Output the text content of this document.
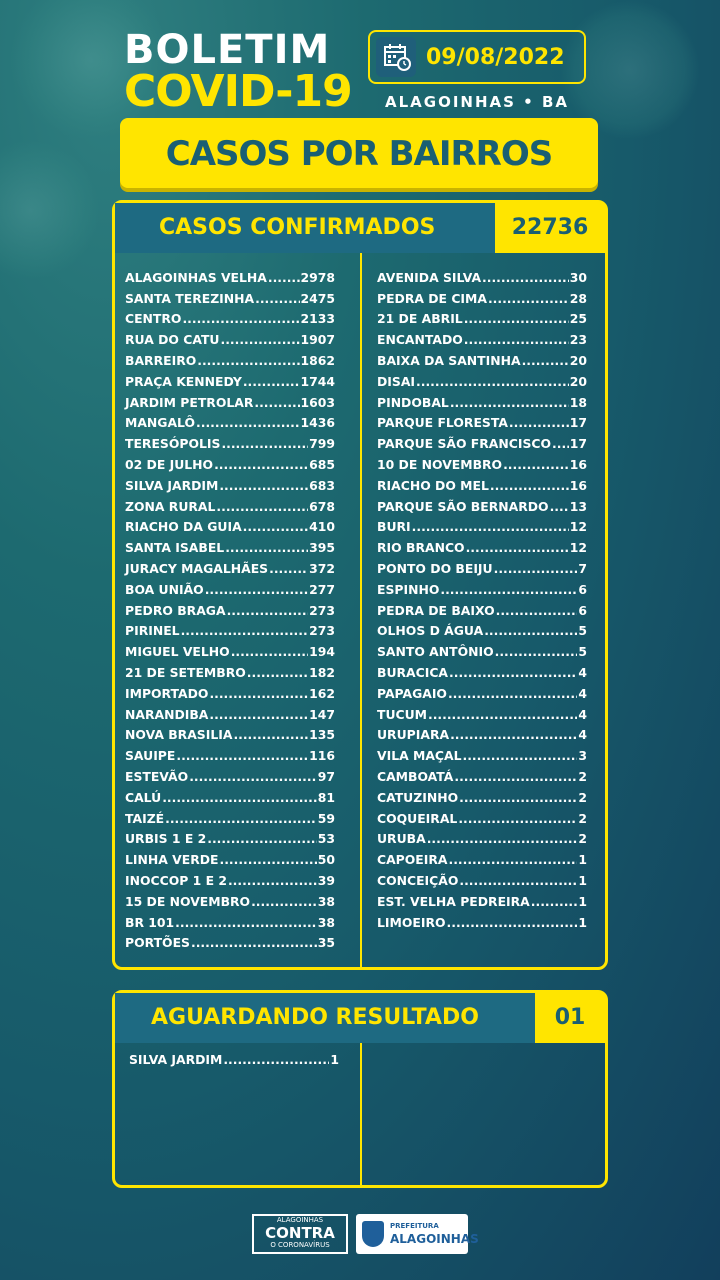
BOLETIM
COVID-19
09/08/2022
ALAGOINHAS • BA
CASOS POR BAIRROS
CASOS CONFIRMADOS	22736
ALAGOINHAS VELHA .....	2978
SANTA TEREZINHA .....	2475
CENTRO .....	2133
RUA DO CATU .....	1907
BARREIRO .....	1862
PRAÇA KENNEDY .....	1744
JARDIM PETROLAR .....	1603
MANGALÔ .....	1436
TERESÓPOLIS .....	799
02 DE JULHO .....	685
SILVA JARDIM .....	683
ZONA RURAL .....	678
RIACHO DA GUIA .....	410
SANTA ISABEL .....	395
JURACY MAGALHÃES .....	372
BOA UNIÃO .....	277
PEDRO BRAGA .....	273
PIRINEL .....	273
MIGUEL VELHO .....	194
21 DE SETEMBRO .....	182
IMPORTADO .....	162
NARANDIBA .....	147
NOVA BRASILIA .....	135
SAUIPE .....	116
ESTEVÃO .....	97
CALÚ .....	81
TAIZÉ .....	59
URBIS 1 E 2 .....	53
LINHA VERDE .....	50
INOCCOP 1 E 2 .....	39
15 DE NOVEMBRO .....	38
BR 101 .....	38
PORTÕES .....	35
AVENIDA SILVA .....	30
PEDRA DE CIMA .....	28
21 DE ABRIL .....	25
ENCANTADO .....	23
BAIXA DA SANTINHA .....	20
DISAI .....	20
PINDOBAL .....	18
PARQUE FLORESTA .....	17
PARQUE SÃO FRANCISCO ..... 17
10 DE NOVEMBRO .....	16
RIACHO DO MEL .....	16
PARQUE SÃO BERNARDO ..... 13
BURI .....	12
RIO BRANCO .....	12
PONTO DO BEIJU .....	7
ESPINHO .....	6
PEDRA DE BAIXO .....	6
OLHOS D ÁGUA .....	5
SANTO ANTÔNIO .....	5
BURACICA .....	4
PAPAGAIO .....	4
TUCUM .....	4
URUPIARA .....	4
VILA MAÇAL .....	3
CAMBOATÁ .....	2
CATUZINHO .....	2
COQUEIRAL .....	2
URUBA .....	2
CAPOEIRA .....	1
CONCEIÇÃO .....	1
EST. VELHA PEDREIRA .....	1
LIMOEIRO .....	1
AGUARDANDO RESULTADO	01
SILVA JARDIM .....	1
ALAGOINHAS
CONTRA
O CORONAVÍRUS
PREFEITURA
ALAGOINHAS
